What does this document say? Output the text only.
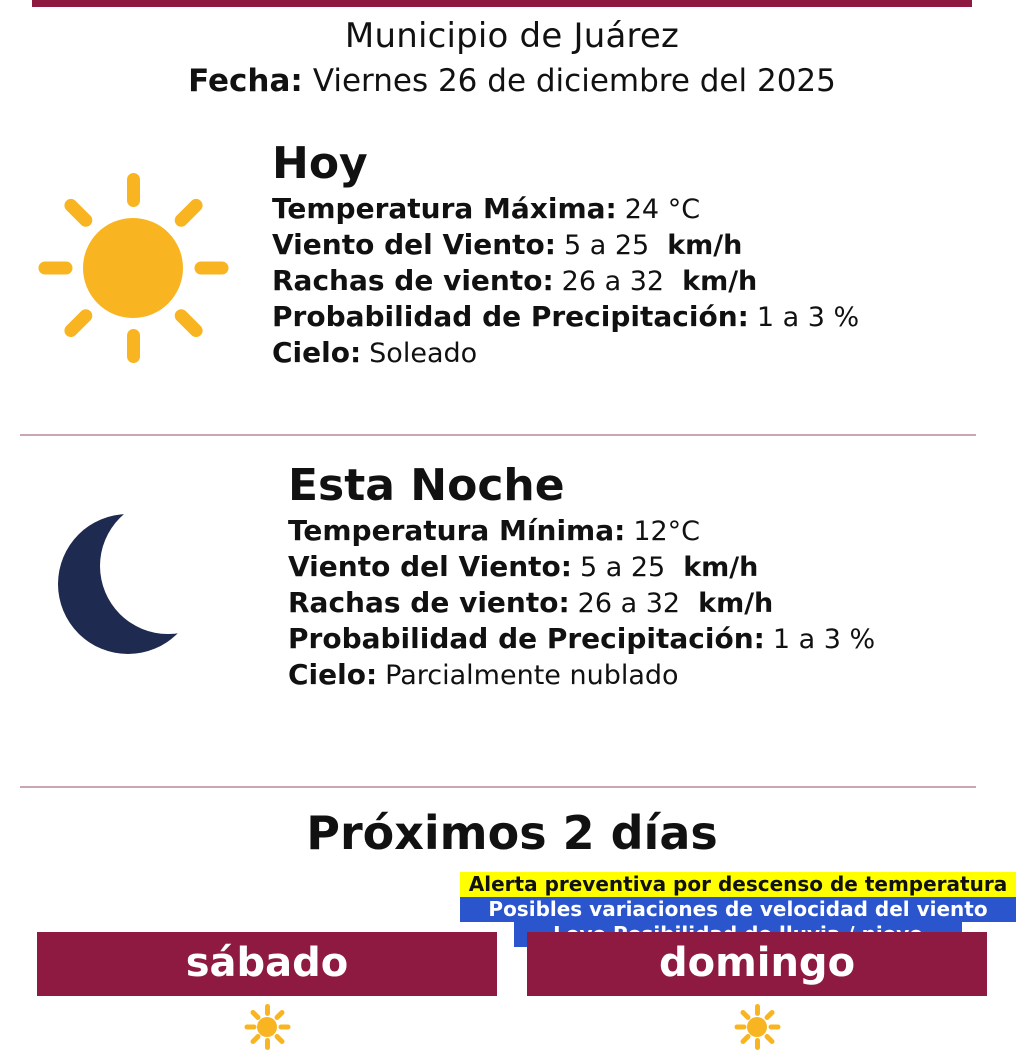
Municipio de Juárez
Fecha: Viernes 26 de diciembre del 2025
Hoy
Temperatura Máxima: 24 °C
Viento del Viento: 5 a 25 km/h
Rachas de viento: 26 a 32 km/h
Probabilidad de Precipitación: 1 a 3 %
Cielo: Soleado
Esta Noche
Temperatura Mínima: 12°C
Viento del Viento: 5 a 25 km/h
Rachas de viento: 26 a 32 km/h
Probabilidad de Precipitación: 1 a 3 %
Cielo: Parcialmente nublado
Próximos 2 días
Alerta preventiva por descenso de temperatura
Posibles variaciones de velocidad del viento
sábado	domingo
